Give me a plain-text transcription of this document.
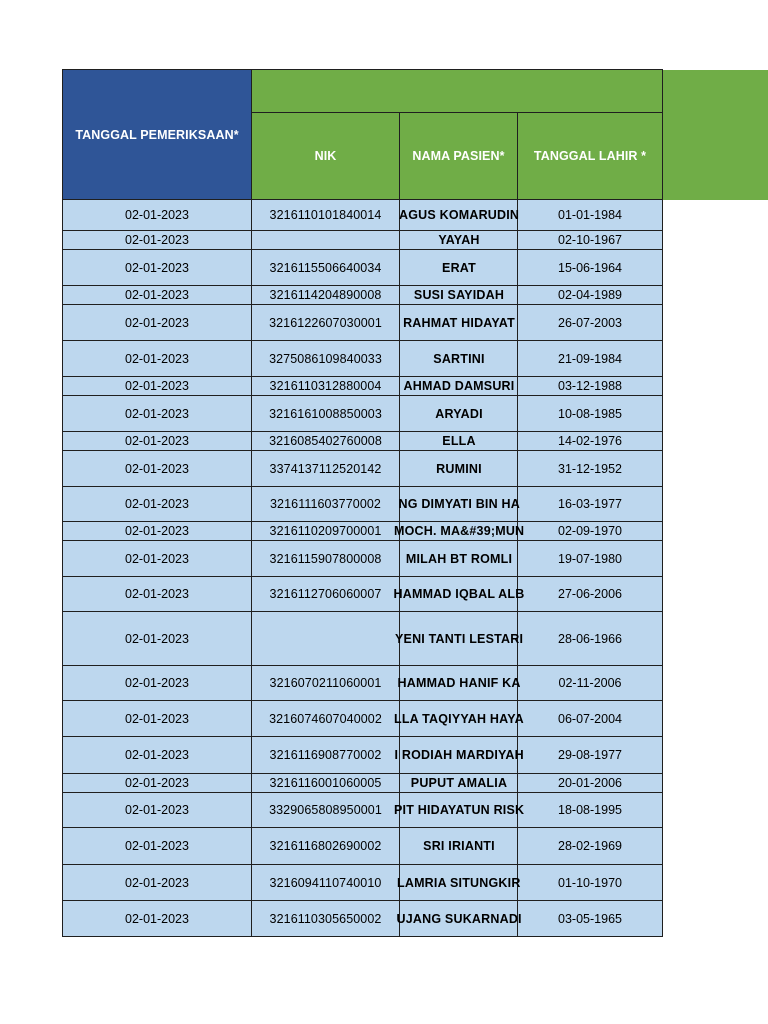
TANGGAL PEMERIKSAAN*			
	NIK	NAMA PASIEN*	TANGGAL LAHIR *
02-01-2023	3216110101840014	AGUS KOMARUDIN	01-01-1984
02-01-2023		YAYAH	02-10-1967
02-01-2023	3216115506640034	ERAT	15-06-1964
02-01-2023	3216114204890008	SUSI SAYIDAH	02-04-1989
02-01-2023	3216122607030001	RAHMAT HIDAYAT	26-07-2003
02-01-2023	3275086109840033	SARTINI	21-09-1984
02-01-2023	3216110312880004	AHMAD DAMSURI	03-12-1988
02-01-2023	3216161008850003	ARYADI	10-08-1985
02-01-2023	3216085402760008	ELLA	14-02-1976
02-01-2023	3374137112520142	RUMINI	31-12-1952
02-01-2023	3216111603770002	NG DIMYATI BIN HA	16-03-1977
02-01-2023	3216110209700001	MOCH. MA&#39;MUN	02-09-1970
02-01-2023	3216115907800008	MILAH BT ROMLI	19-07-1980
02-01-2023	3216112706060007	HAMMAD IQBAL ALB	27-06-2006
02-01-2023		YENI TANTI LESTARI	28-06-1966
02-01-2023	3216070211060001	HAMMAD HANIF KA	02-11-2006
02-01-2023	3216074607040002	LLA TAQIYYAH HAYA	06-07-2004
02-01-2023	3216116908770002	I RODIAH MARDIYAH	29-08-1977
02-01-2023	3216116001060005	PUPUT AMALIA	20-01-2006
02-01-2023	3329065808950001	PIT HIDAYATUN RISK	18-08-1995
02-01-2023	3216116802690002	SRI IRIANTI	28-02-1969
02-01-2023	3216094110740010	LAMRIA SITUNGKIR	01-10-1970
02-01-2023	3216110305650002	UJANG SUKARNADI	03-05-1965
